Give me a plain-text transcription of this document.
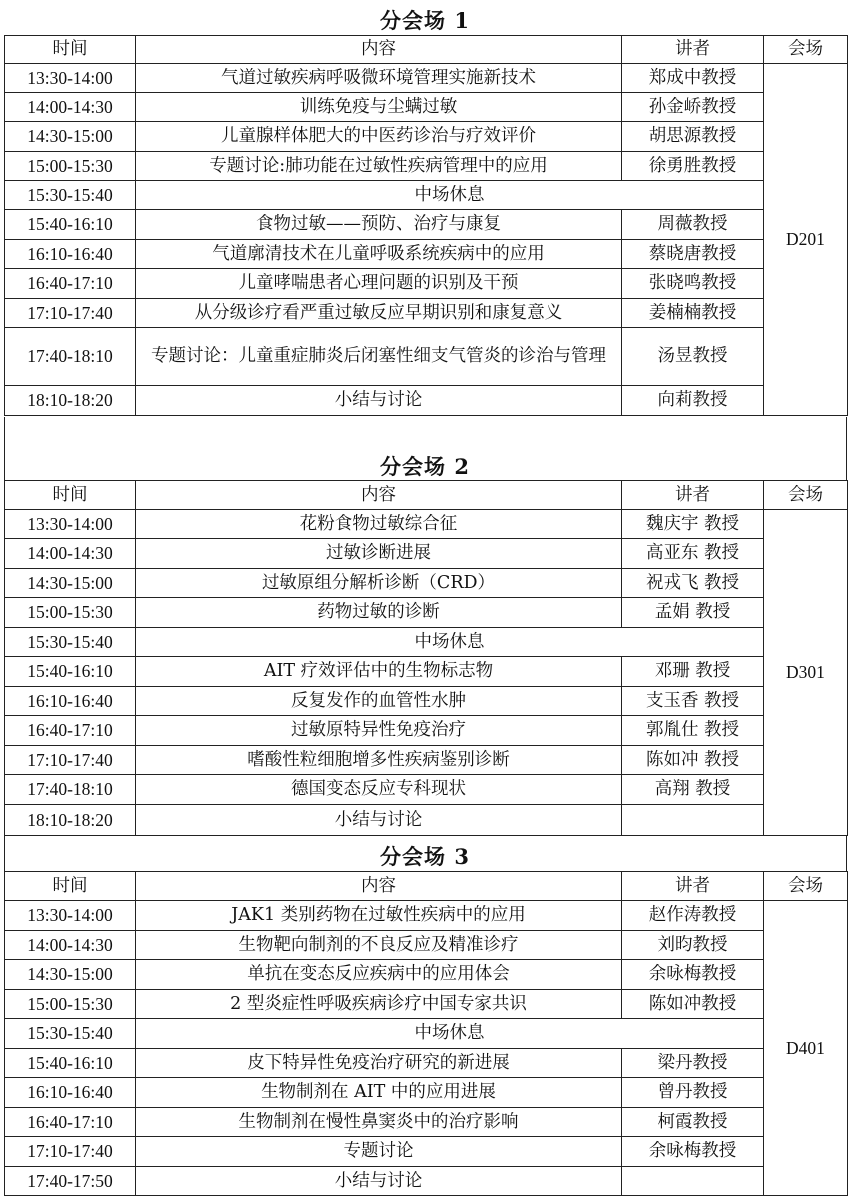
分会场 1
时间	内容	讲者	会场
13:30-14:00	气道过敏疾病呼吸微环境管理实施新技术	郑成中教授	D201
14:00-14:30	训练免疫与尘螨过敏	孙金峤教授	
14:30-15:00	儿童腺样体肥大的中医药诊治与疗效评价	胡思源教授	
15:00-15:30	专题讨论:肺功能在过敏性疾病管理中的应用	徐勇胜教授	
15:30-15:40	中场休息		
15:40-16:10	食物过敏——预防、治疗与康复	周薇教授	
16:10-16:40	气道廓清技术在儿童呼吸系统疾病中的应用	蔡晓唐教授	
16:40-17:10	儿童哮喘患者心理问题的识别及干预	张晓鸣教授	
17:10-17:40	从分级诊疗看严重过敏反应早期识别和康复意义	姜楠楠教授	
17:40-18:10	专题讨论：儿童重症肺炎后闭塞性细支气管炎的诊治与管理	汤昱教授	
18:10-18:20	小结与讨论	向莉教授	
分会场 2
时间	内容	讲者	会场
13:30-14:00	花粉食物过敏综合征	魏庆宇 教授	D301
14:00-14:30	过敏诊断进展	高亚东 教授	
14:30-15:00	过敏原组分解析诊断（CRD）	祝戎飞 教授	
15:00-15:30	药物过敏的诊断	孟娟 教授	
15:30-15:40	中场休息		
15:40-16:10	AIT 疗效评估中的生物标志物	邓珊 教授	
16:10-16:40	反复发作的血管性水肿	支玉香 教授	
16:40-17:10	过敏原特异性免疫治疗	郭胤仕 教授	
17:10-17:40	嗜酸性粒细胞增多性疾病鉴别诊断	陈如冲 教授	
17:40-18:10	德国变态反应专科现状	高翔 教授	
18:10-18:20	小结与讨论		
分会场 3
时间	内容	讲者	会场
13:30-14:00	JAK1 类别药物在过敏性疾病中的应用	赵作涛教授	D401
14:00-14:30	生物靶向制剂的不良反应及精准诊疗	刘昀教授	
14:30-15:00	单抗在变态反应疾病中的应用体会	余咏梅教授	
15:00-15:30	2 型炎症性呼吸疾病诊疗中国专家共识	陈如冲教授	
15:30-15:40	中场休息		
15:40-16:10	皮下特异性免疫治疗研究的新进展	梁丹教授	
16:10-16:40	生物制剂在 AIT 中的应用进展	曾丹教授	
16:40-17:10	生物制剂在慢性鼻窦炎中的治疗影响	柯霞教授	
17:10-17:40	专题讨论	余咏梅教授	
17:40-17:50	小结与讨论		
